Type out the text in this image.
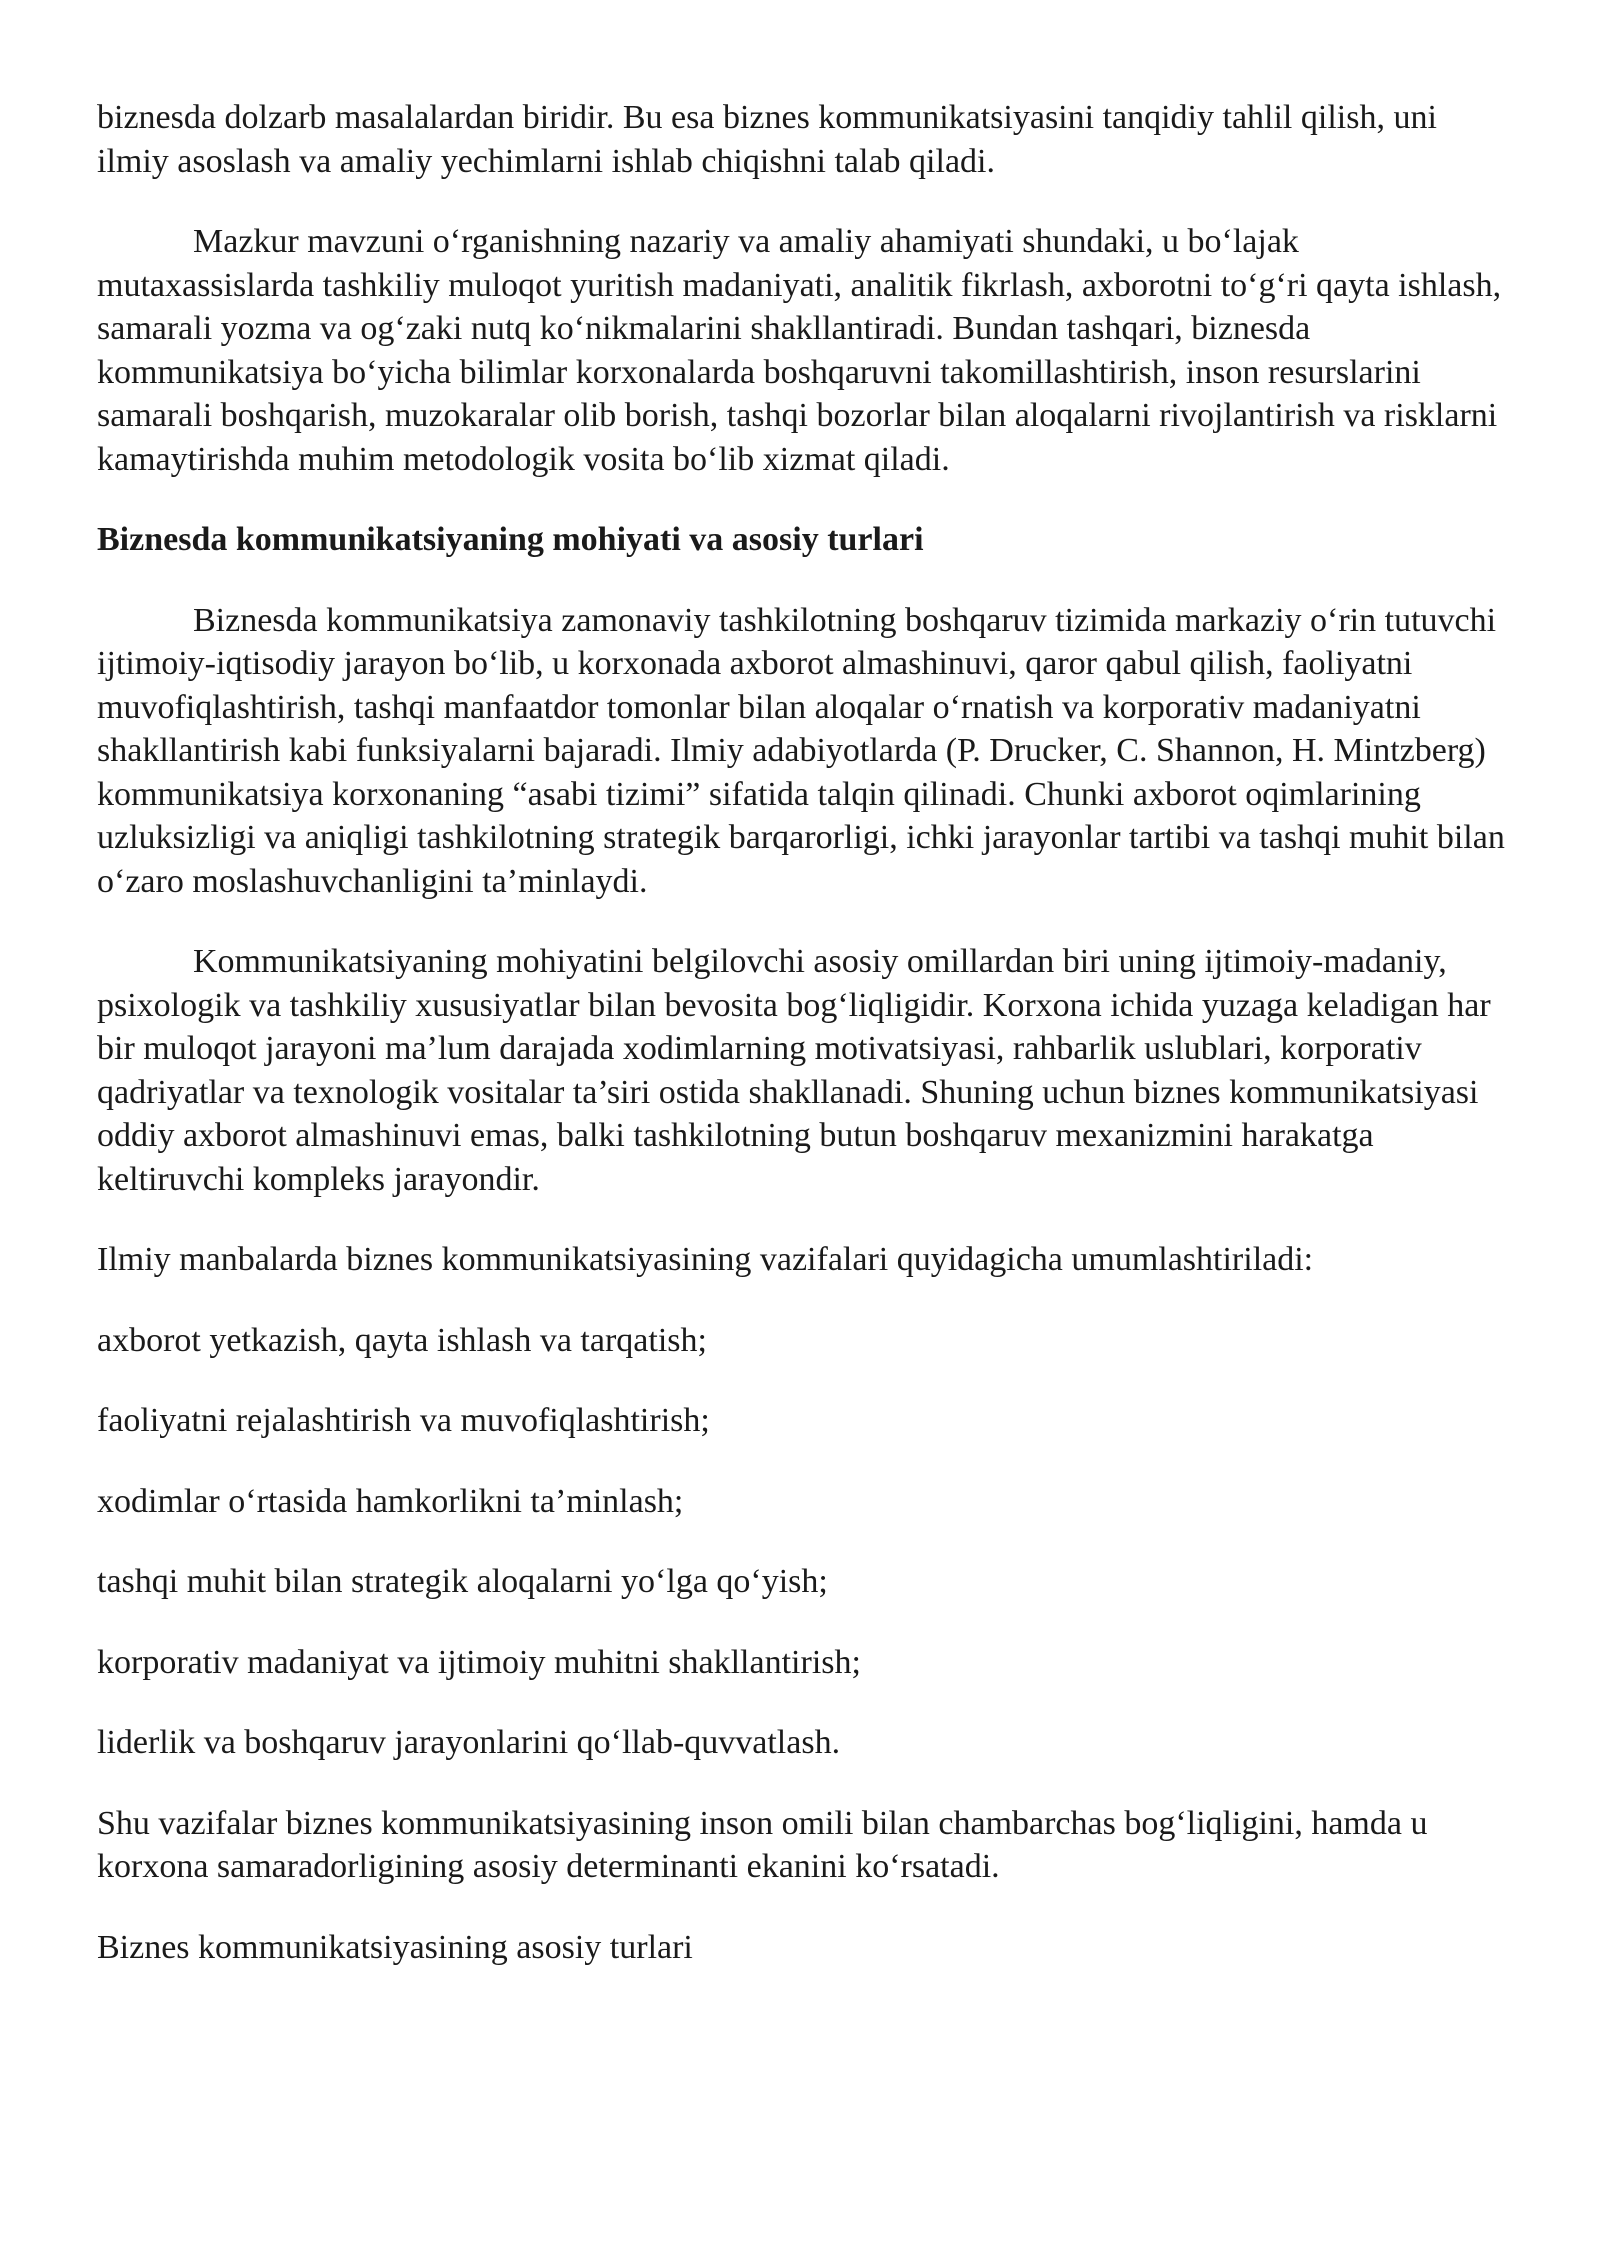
biznesda dolzarb masalalardan biridir. Bu esa biznes kommunikatsiyasini tanqidiy tahlil qilish, uni ilmiy asoslash va amaliy yechimlarni ishlab chiqishni talab qiladi.

Mazkur mavzuni o‘rganishning nazariy va amaliy ahamiyati shundaki, u bo‘lajak mutaxassislarda tashkiliy muloqot yuritish madaniyati, analitik fikrlash, axborotni to‘g‘ri qayta ishlash, samarali yozma va og‘zaki nutq ko‘nikmalarini shakllantiradi. Bundan tashqari, biznesda kommunikatsiya bo‘yicha bilimlar korxonalarda boshqaruvni takomillashtirish, inson resurslarini samarali boshqarish, muzokaralar olib borish, tashqi bozorlar bilan aloqalarni rivojlantirish va risklarni kamaytirishda muhim metodologik vosita bo‘lib xizmat qiladi.

Biznesda kommunikatsiyaning mohiyati va asosiy turlari

Biznesda kommunikatsiya zamonaviy tashkilotning boshqaruv tizimida markaziy o‘rin tutuvchi ijtimoiy-iqtisodiy jarayon bo‘lib, u korxonada axborot almashinuvi, qaror qabul qilish, faoliyatni muvofiqlashtirish, tashqi manfaatdor tomonlar bilan aloqalar o‘rnatish va korporativ madaniyatni shakllantirish kabi funksiyalarni bajaradi. Ilmiy adabiyotlarda (P. Drucker, C. Shannon, H. Mintzberg) kommunikatsiya korxonaning “asabi tizimi” sifatida talqin qilinadi. Chunki axborot oqimlarining uzluksizligi va aniqligi tashkilotning strategik barqarorligi, ichki jarayonlar tartibi va tashqi muhit bilan o‘zaro moslashuvchanligini ta’minlaydi.

Kommunikatsiyaning mohiyatini belgilovchi asosiy omillardan biri uning ijtimoiy-madaniy, psixologik va tashkiliy xususiyatlar bilan bevosita bog‘liqligidir. Korxona ichida yuzaga keladigan har bir muloqot jarayoni ma’lum darajada xodimlarning motivatsiyasi, rahbarlik uslublari, korporativ qadriyatlar va texnologik vositalar ta’siri ostida shakllanadi. Shuning uchun biznes kommunikatsiyasi oddiy axborot almashinuvi emas, balki tashkilotning butun boshqaruv mexanizmini harakatga keltiruvchi kompleks jarayondir.

Ilmiy manbalarda biznes kommunikatsiyasining vazifalari quyidagicha umumlashtiriladi:

axborot yetkazish, qayta ishlash va tarqatish;

faoliyatni rejalashtirish va muvofiqlashtirish;

xodimlar o‘rtasida hamkorlikni ta’minlash;

tashqi muhit bilan strategik aloqalarni yo‘lga qo‘yish;

korporativ madaniyat va ijtimoiy muhitni shakllantirish;

liderlik va boshqaruv jarayonlarini qo‘llab-quvvatlash.

Shu vazifalar biznes kommunikatsiyasining inson omili bilan chambarchas bog‘liqligini, hamda u korxona samaradorligining asosiy determinanti ekanini ko‘rsatadi.

Biznes kommunikatsiyasining asosiy turlari
